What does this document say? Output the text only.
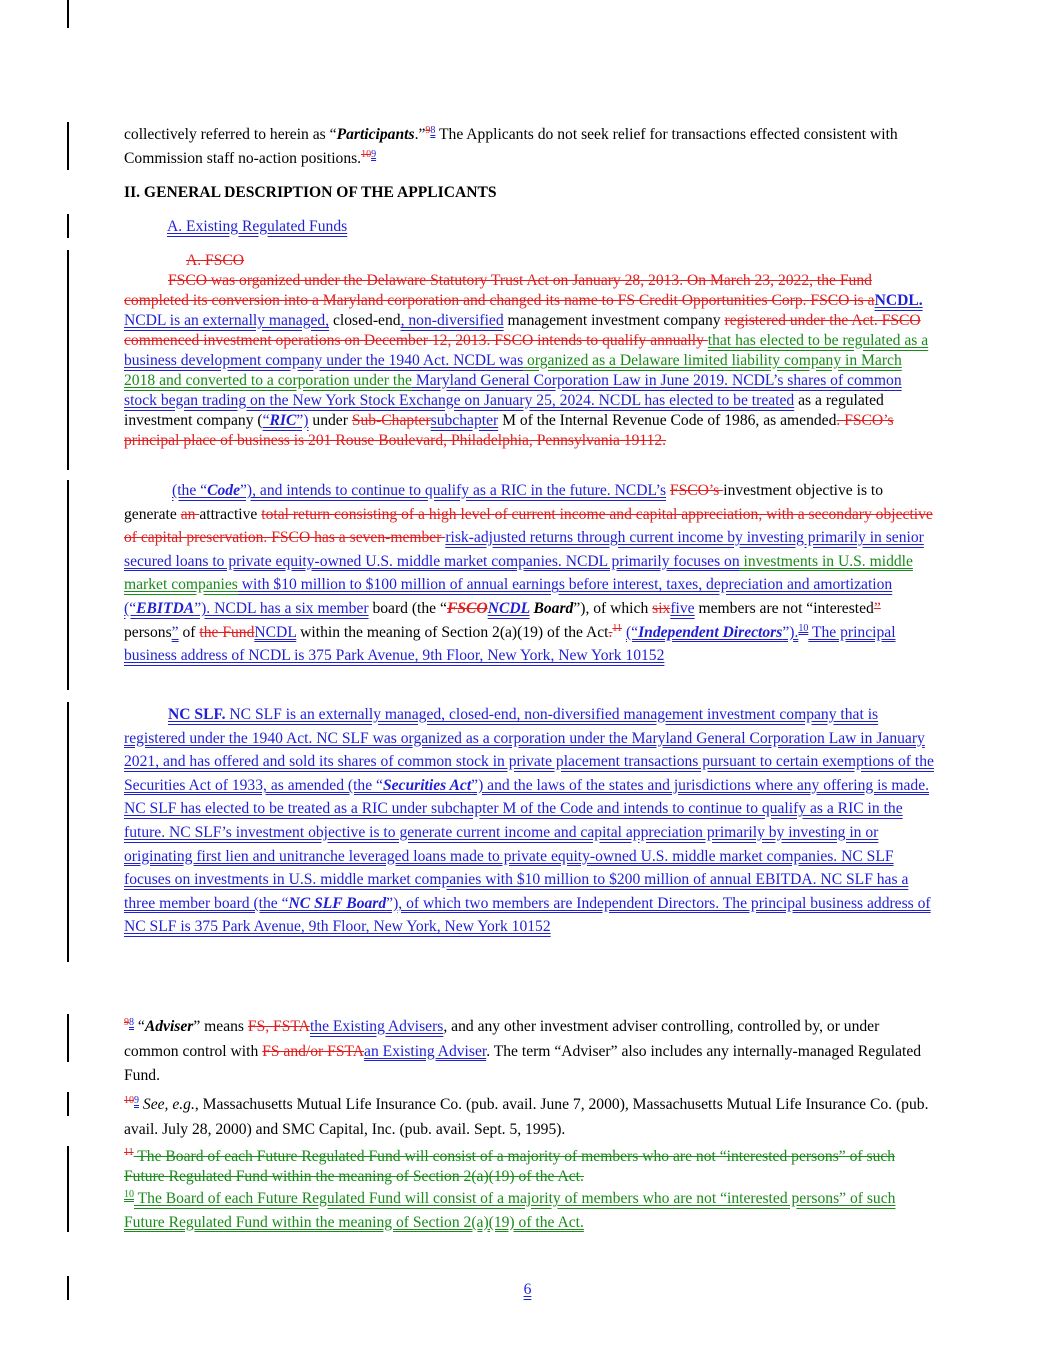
collectively referred to herein as “Participants.”$^{98}$ The Applicants do not seek relief for transactions effected consistent with Commission staff no-action positions.$^{109}$
II. GENERAL DESCRIPTION OF THE APPLICANTS
A. Existing Regulated Funds
A. FSCO
FSCO was organized under the Delaware Statutory Trust Act on January 28, 2013. On March 23, 2022, the Fund completed its conversion into a Maryland corporation and changed its name to FS Credit Opportunities Corp. FSCO is aNCDL. NCDL is an externally managed, closed-end, non-diversified management investment company registered under the Act. FSCO commenced investment operations on December 12, 2013. FSCO intends to qualify annually that has elected to be regulated as a business development company under the 1940 Act. NCDL was organized as a Delaware limited liability company in March 2018 and converted to a corporation under the Maryland General Corporation Law in June 2019. NCDL’s shares of common stock began trading on the New York Stock Exchange on January 25, 2024. NCDL has elected to be treated as a regulated investment company (“RIC”) under Sub-Chaptersubchapter M of the Internal Revenue Code of 1986, as amended. FSCO’s principal place of business is 201 Rouse Boulevard, Philadelphia, Pennsylvania 19112.
(the “Code”), and intends to continue to qualify as a RIC in the future. NCDL’s FSCO’s investment objective is to generate an attractive total return consisting of a high level of current income and capital appreciation, with a secondary objective of capital preservation. FSCO has a seven-member risk-adjusted returns through current income by investing primarily in senior secured loans to private equity-owned U.S. middle market companies. NCDL primarily focuses on investments in U.S. middle market companies with $10 million to $100 million of annual earnings before interest, taxes, depreciation and amortization (“EBITDA”). NCDL has a six member board (the “FSCONCDL Board”), of which sixfive members are not “interested” persons” of the FundNCDL within the meaning of Section 2(a)(19) of the Act.$^{11}$ (“Independent Directors”).$^{10}$ The principal business address of NCDL is 375 Park Avenue, 9th Floor, New York, New York 10152
NC SLF. NC SLF is an externally managed, closed-end, non-diversified management investment company that is registered under the 1940 Act. NC SLF was organized as a corporation under the Maryland General Corporation Law in January 2021, and has offered and sold its shares of common stock in private placement transactions pursuant to certain exemptions of the Securities Act of 1933, as amended (the “Securities Act”) and the laws of the states and jurisdictions where any offering is made. NC SLF has elected to be treated as a RIC under subchapter M of the Code and intends to continue to qualify as a RIC in the future. NC SLF’s investment objective is to generate current income and capital appreciation primarily by investing in or originating first lien and unitranche leveraged loans made to private equity-owned U.S. middle market companies. NC SLF focuses on investments in U.S. middle market companies with $10 million to $200 million of annual EBITDA. NC SLF has a three member board (the “NC SLF Board”), of which two members are Independent Directors. The principal business address of NC SLF is 375 Park Avenue, 9th Floor, New York, New York 10152
$^{98}$ “Adviser” means FS, FSTAthe Existing Advisers, and any other investment adviser controlling, controlled by, or under common control with FS and/or FSTAan Existing Adviser. The term “Adviser” also includes any internally-managed Regulated Fund.
$^{109}$ See, e.g., Massachusetts Mutual Life Insurance Co. (pub. avail. June 7, 2000), Massachusetts Mutual Life Insurance Co. (pub. avail. July 28, 2000) and SMC Capital, Inc. (pub. avail. Sept. 5, 1995).
$^{11}$ The Board of each Future Regulated Fund will consist of a majority of members who are not “interested persons” of such Future Regulated Fund within the meaning of Section 2(a)(19) of the Act.
$^{10}$ The Board of each Future Regulated Fund will consist of a majority of members who are not “interested persons” of such Future Regulated Fund within the meaning of Section 2(a)(19) of the Act.
6
